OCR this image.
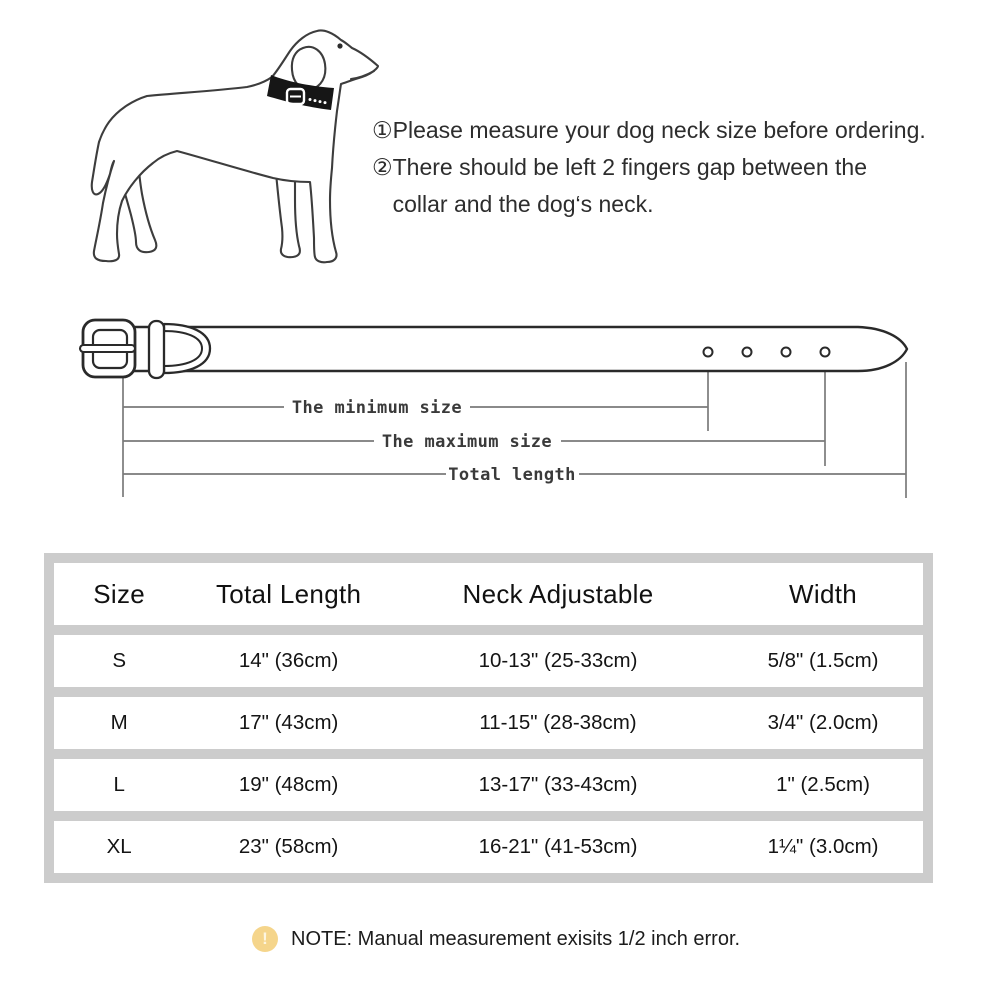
① Please measure your dog neck size before ordering.
② There should be left 2 fingers gap between the
collar and the dog‘s neck.
The minimum size
The maximum size
Total length
Size	Total Length	Neck Adjustable	Width
S	14" (36cm)	10-13" (25-33cm)	5/8" (1.5cm)
M	17" (43cm)	11-15" (28-38cm)	3/4" (2.0cm)
L	19" (48cm)	13-17" (33-43cm)	1" (2.5cm)
XL	23" (58cm)	16-21" (41-53cm)	1¼" (3.0cm)
!	NOTE: Manual measurement exisits 1/2 inch error.
